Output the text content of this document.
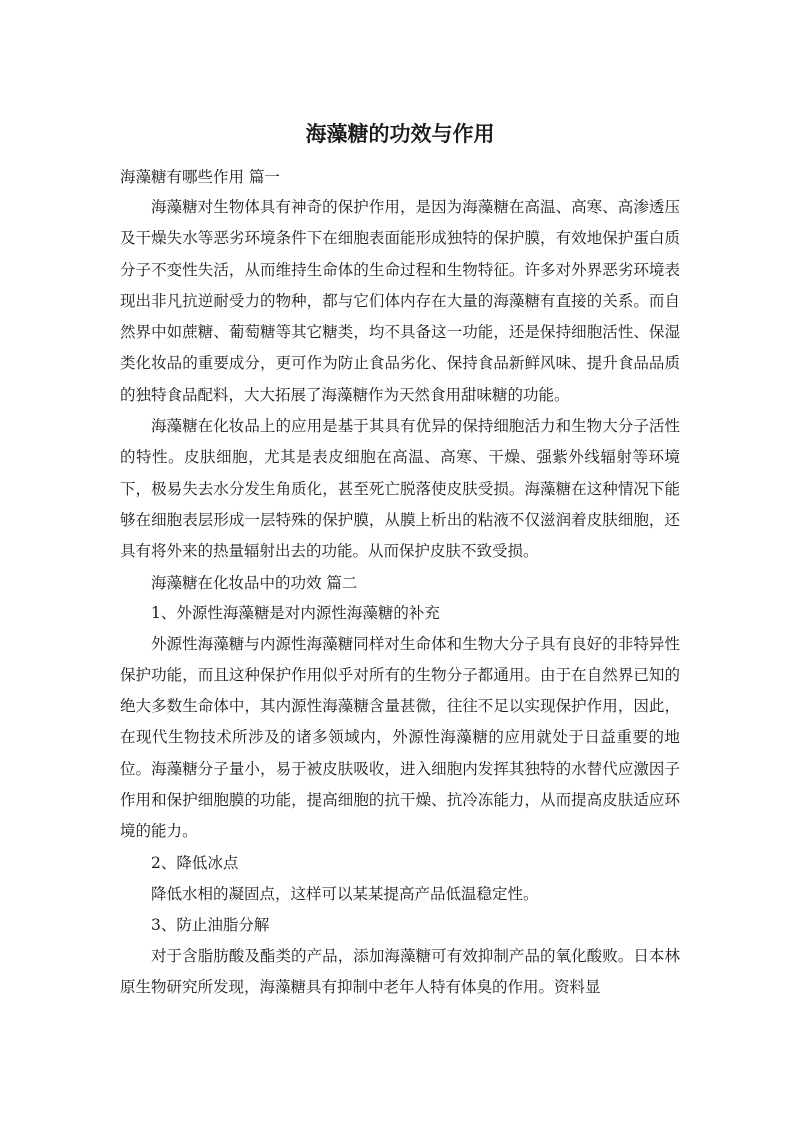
海藻糖的功效与作用

海藻糖有哪些作用 篇一

海藻糖对生物体具有神奇的保护作用，是因为海藻糖在高温、高寒、高渗透压及干燥失水等恶劣环境条件下在细胞表面能形成独特的保护膜，有效地保护蛋白质分子不变性失活，从而维持生命体的生命过程和生物特征。许多对外界恶劣环境表现出非凡抗逆耐受力的物种，都与它们体内存在大量的海藻糖有直接的关系。而自然界中如蔗糖、葡萄糖等其它糖类，均不具备这一功能，还是保持细胞活性、保湿类化妆品的重要成分，更可作为防止食品劣化、保持食品新鲜风味、提升食品品质的独特食品配料，大大拓展了海藻糖作为天然食用甜味糖的功能。

海藻糖在化妆品上的应用是基于其具有优异的保持细胞活力和生物大分子活性的特性。皮肤细胞，尤其是表皮细胞在高温、高寒、干燥、强紫外线辐射等环境下，极易失去水分发生角质化，甚至死亡脱落使皮肤受损。海藻糖在这种情况下能够在细胞表层形成一层特殊的保护膜，从膜上析出的粘液不仅滋润着皮肤细胞，还具有将外来的热量辐射出去的功能。从而保护皮肤不致受损。

海藻糖在化妆品中的功效 篇二

1、外源性海藻糖是对内源性海藻糖的补充

外源性海藻糖与内源性海藻糖同样对生命体和生物大分子具有良好的非特异性保护功能，而且这种保护作用似乎对所有的生物分子都通用。由于在自然界已知的绝大多数生命体中，其内源性海藻糖含量甚微，往往不足以实现保护作用，因此，在现代生物技术所涉及的诸多领域内，外源性海藻糖的应用就处于日益重要的地位。海藻糖分子量小，易于被皮肤吸收，进入细胞内发挥其独特的水替代应激因子作用和保护细胞膜的功能，提高细胞的抗干燥、抗冷冻能力，从而提高皮肤适应环境的能力。

2、降低冰点

降低水相的凝固点，这样可以某某提高产品低温稳定性。

3、防止油脂分解

对于含脂肪酸及酯类的产品，添加海藻糖可有效抑制产品的氧化酸败。日本林原生物研究所发现，海藻糖具有抑制中老年人特有体臭的作用。资料显
